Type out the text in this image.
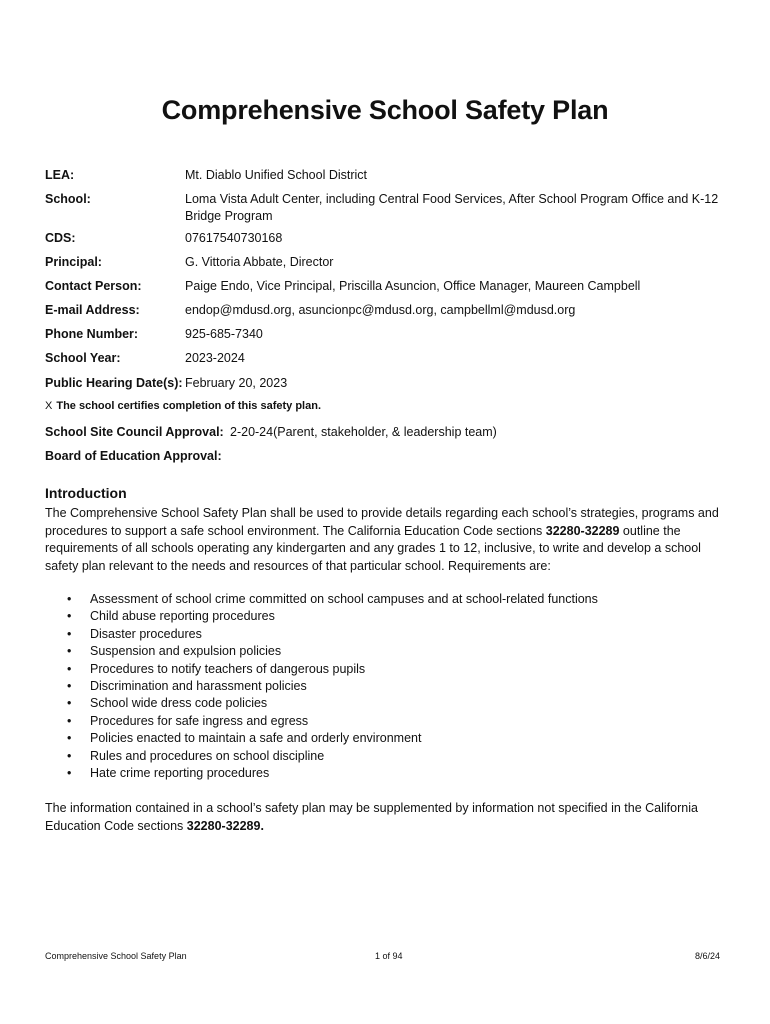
Comprehensive School Safety Plan
LEA:	Mt. Diablo Unified School District
School:	Loma Vista Adult Center, including Central Food Services, After School Program Office and K-12 Bridge Program
CDS:	07617540730168
Principal:	G. Vittoria Abbate, Director
Contact Person:	Paige Endo, Vice Principal, Priscilla Asuncion, Office Manager, Maureen Campbell
E-mail Address:	endop@mdusd.org, asuncionpc@mdusd.org, campbellml@mdusd.org
Phone Number:	925-685-7340
School Year:	2023-2024
Public Hearing Date(s): February 20, 2023
X The school certifies completion of this safety plan.
School Site Council Approval: 2-20-24(Parent, stakeholder, & leadership team)
Board of Education Approval:
Introduction
The Comprehensive School Safety Plan shall be used to provide details regarding each school’s strategies, programs and procedures to support a safe school environment. The California Education Code sections 32280-32289 outline the requirements of all schools operating any kindergarten and any grades 1 to 12, inclusive, to write and develop a school safety plan relevant to the needs and resources of that particular school. Requirements are:
• Assessment of school crime committed on school campuses and at school-related functions
• Child abuse reporting procedures
• Disaster procedures
• Suspension and expulsion policies
• Procedures to notify teachers of dangerous pupils
• Discrimination and harassment policies
• School wide dress code policies
• Procedures for safe ingress and egress
• Policies enacted to maintain a safe and orderly environment
• Rules and procedures on school discipline
• Hate crime reporting procedures
The information contained in a school’s safety plan may be supplemented by information not specified in the California Education Code sections 32280-32289.
Comprehensive School Safety Plan	1 of 94	8/6/24
